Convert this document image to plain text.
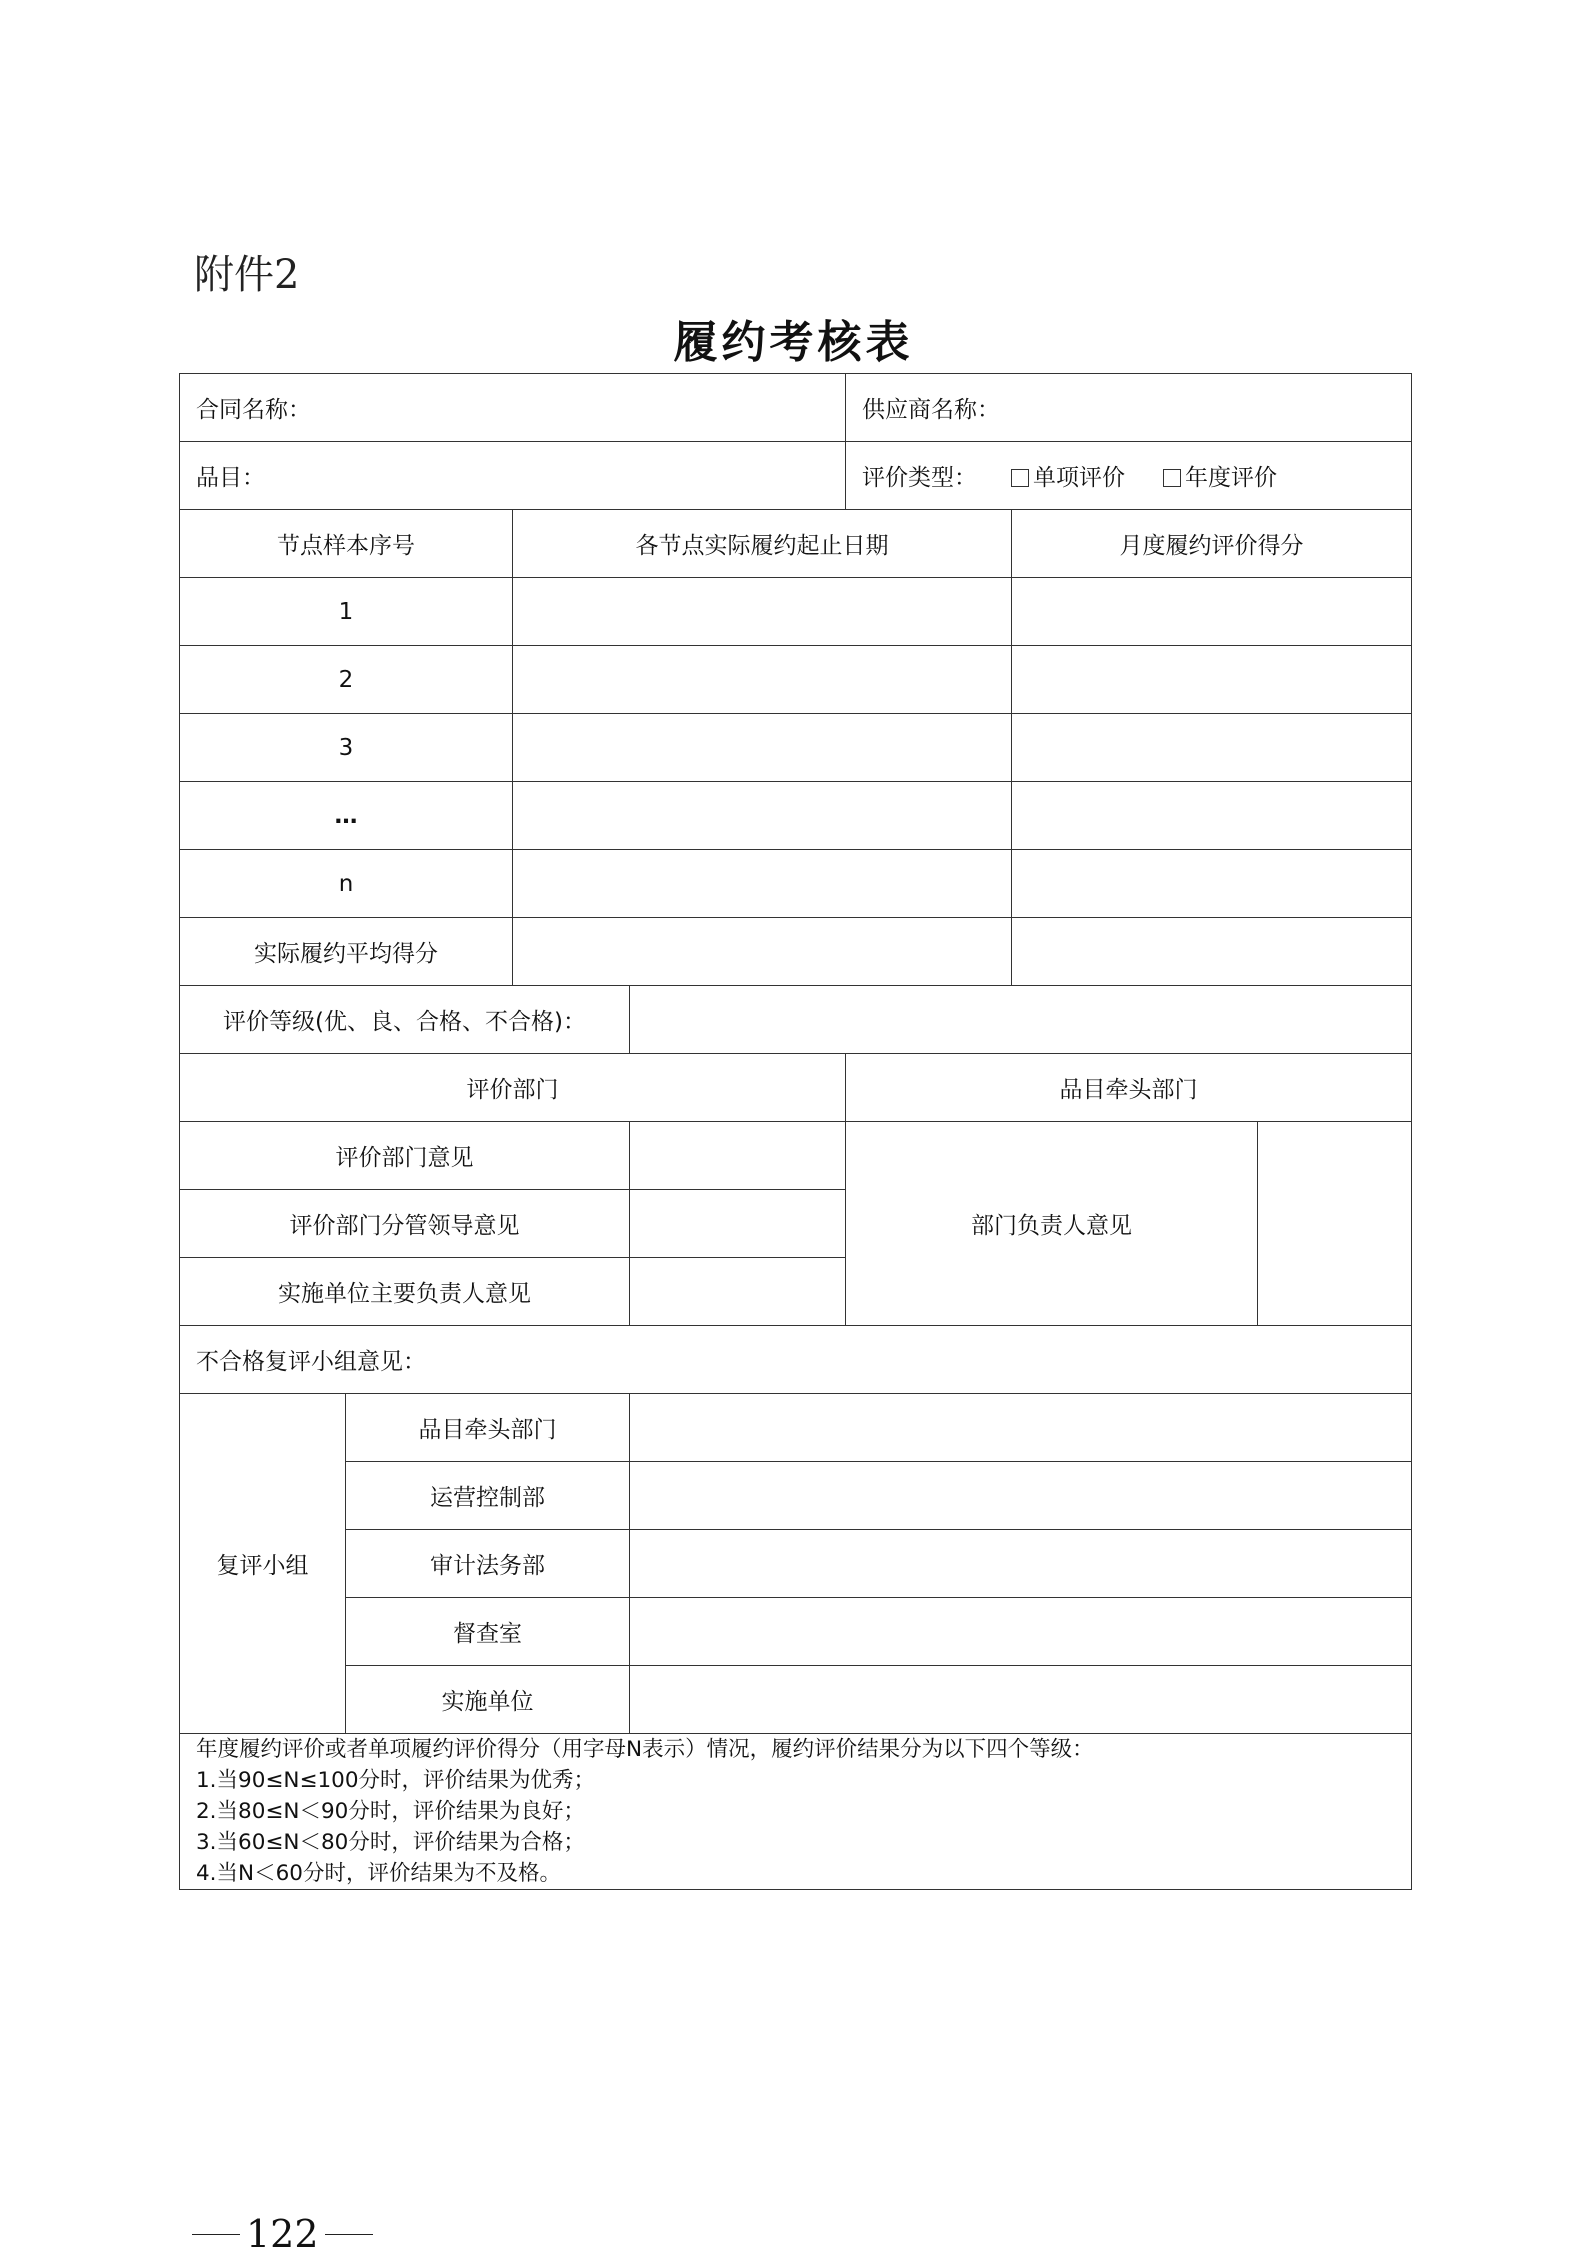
附件2
履约考核表
合同名称：				供应商名称：		
品目：				评价类型： 单项评价 年度评价		
节点样本序号		各节点实际履约起止日期			月度履约评价得分	
1						
2						
3						
…						
n						
实际履约平均得分						
评价等级(优、良、合格、不合格)：						
评价部门				品目牵头部门		
评价部门意见				部门负责人意见		
评价部门分管领导意见						
实施单位主要负责人意见						
不合格复评小组意见：						
复评小组	品目牵头部门					
	运营控制部					
	审计法务部					
	督查室					
	实施单位					

年度履约评价或者单项履约评价得分（用字母N表示）情况，履约评价结果分为以下四个等级：
1.当90≤N≤100分时，评价结果为优秀；
2.当80≤N＜90分时，评价结果为良好；
3.当60≤N＜80分时，评价结果为合格；
4.当N＜60分时，评价结果为不及格。						
122
